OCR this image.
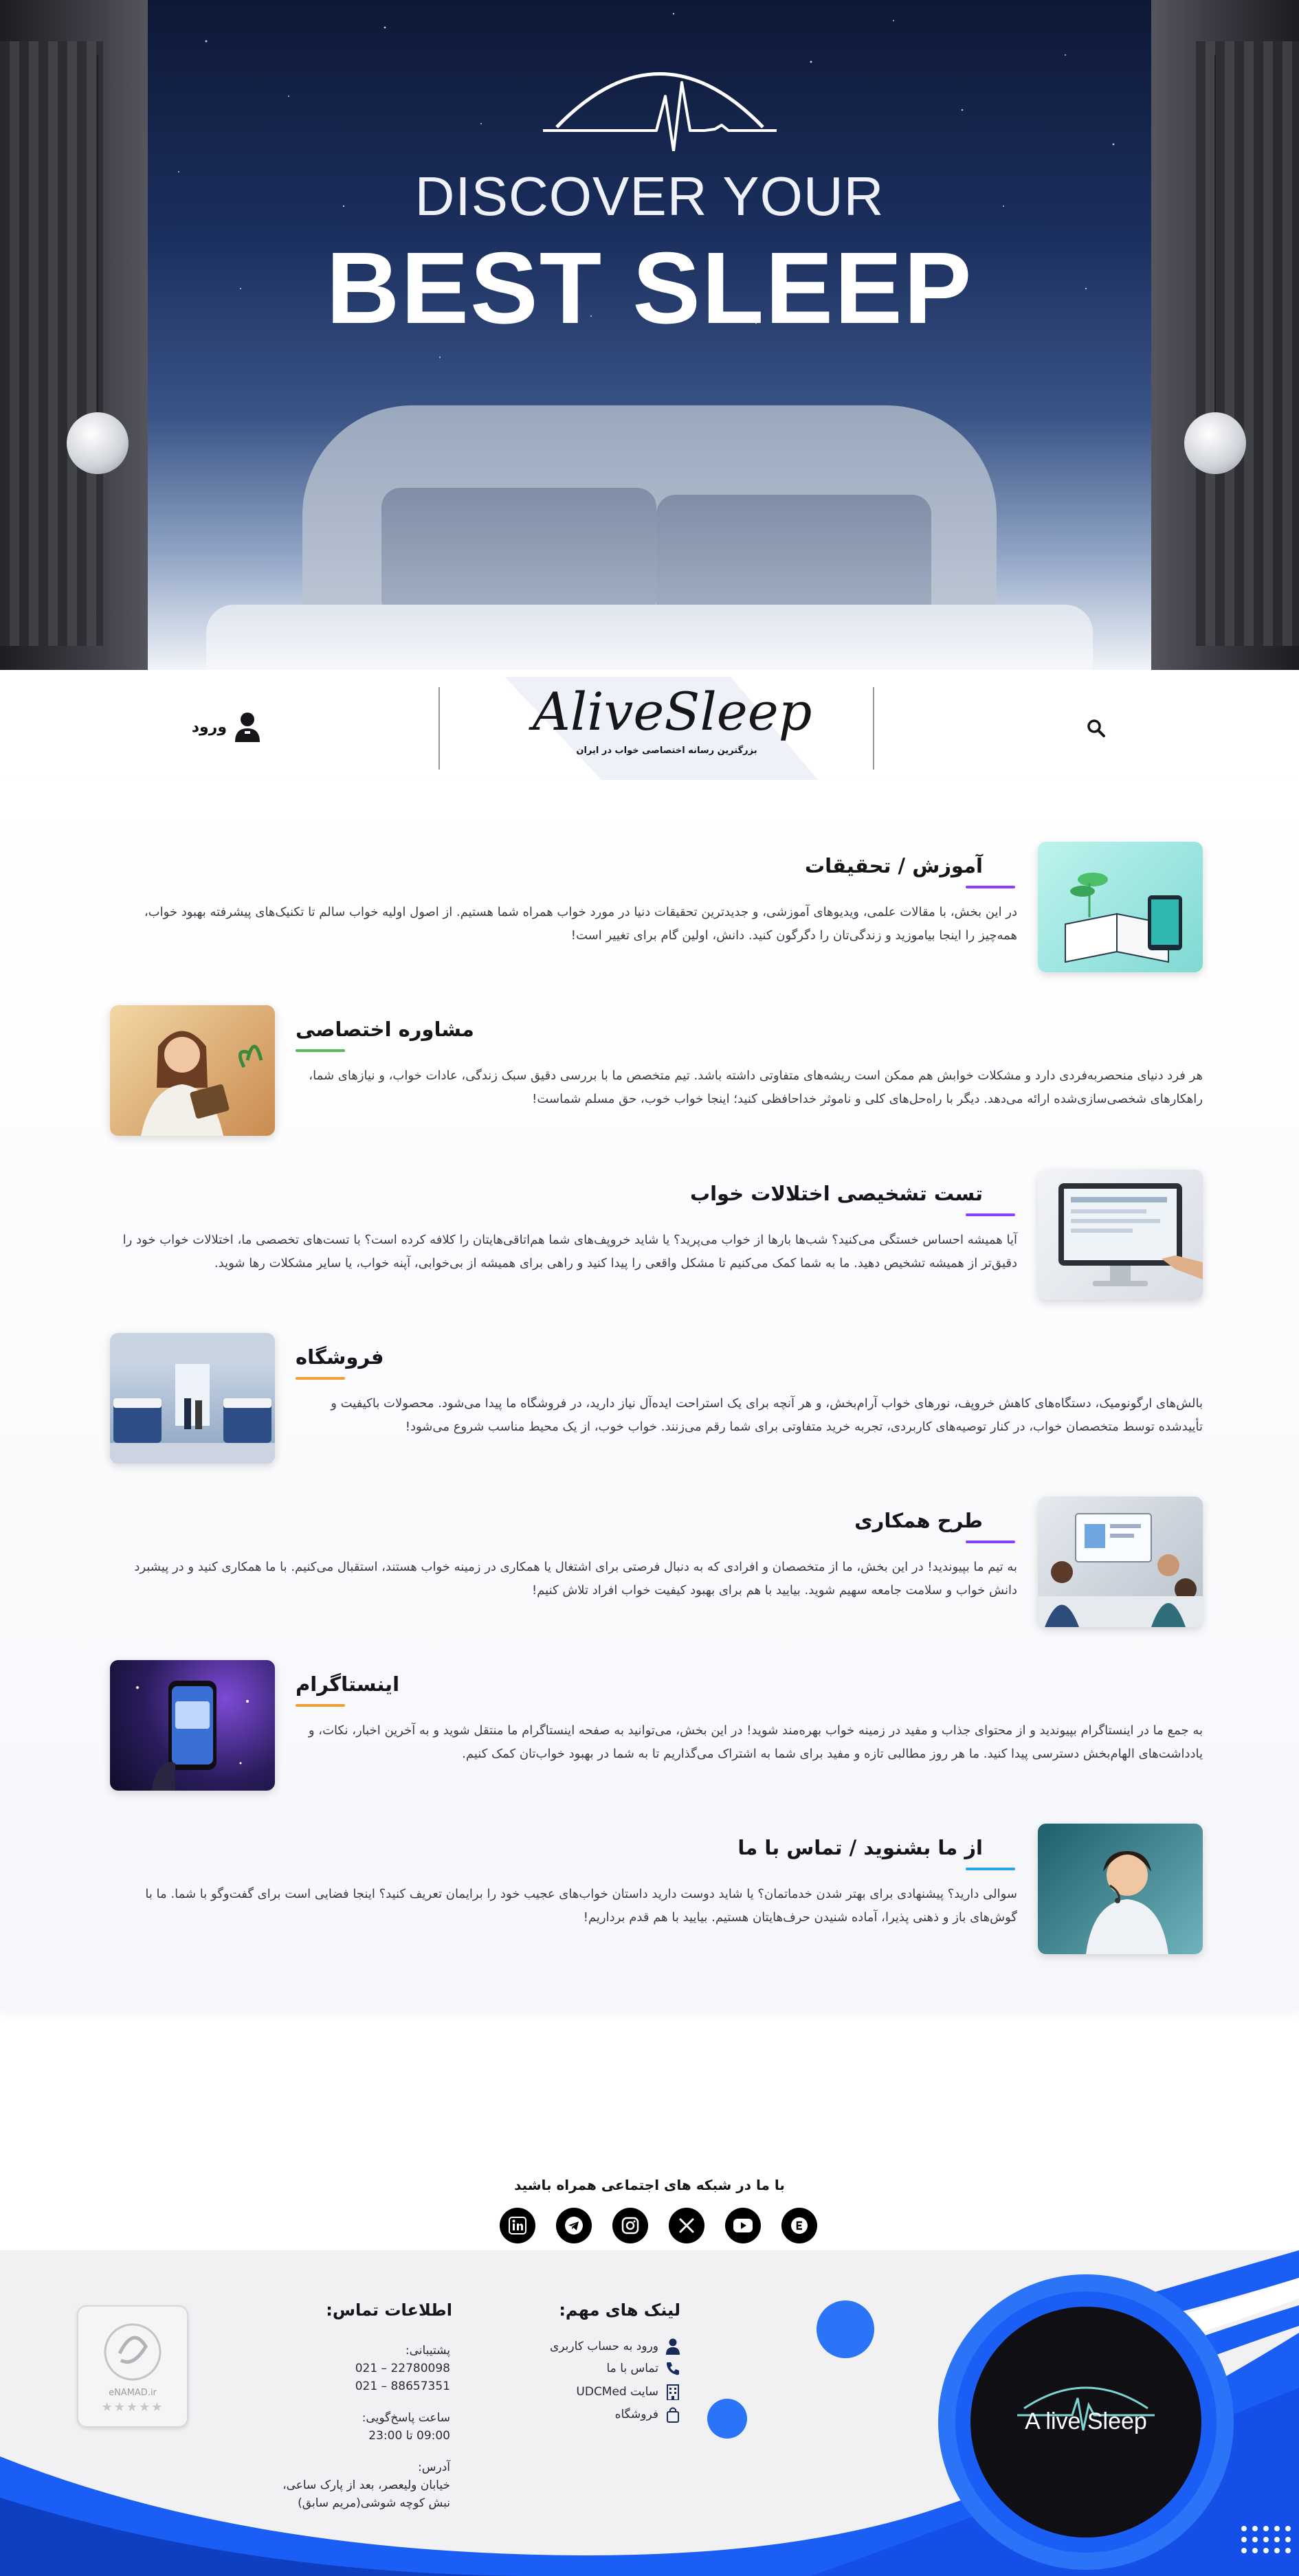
DISCOVER YOUR
BEST SLEEP
AliveSleep
بزرگترین رسانه اختصاصی خواب در ایران
ورود
آموزش / تحقیقات
در این بخش، با مقالات علمی، ویدیوهای آموزشی، و جدیدترین تحقیقات دنیا در مورد خواب همراه شما هستیم. از اصول اولیه خواب سالم تا تکنیک‌های پیشرفته بهبود خواب، همه‌چیز را اینجا بیاموزید و زندگی‌تان را دگرگون کنید. دانش، اولین گام برای تغییر است!
مشاوره اختصاصی
هر فرد دنیای منحصربه‌فردی دارد و مشکلات خوابش هم ممکن است ریشه‌های متفاوتی داشته باشد. تیم متخصص ما با بررسی دقیق سبک زندگی، عادات خواب، و نیازهای شما، راهکارهای شخصی‌سازی‌شده ارائه می‌دهد. دیگر با راه‌حل‌های کلی و ناموثر خداحافظی کنید؛ اینجا خواب خوب، حق مسلم شماست!
تست تشخیصی اختلالات خواب
آیا همیشه احساس خستگی می‌کنید؟ شب‌ها بارها از خواب می‌پرید؟ یا شاید خروپف‌های شما هم‌اتاقی‌هایتان را کلافه کرده است؟ با تست‌های تخصصی ما، اختلالات خواب خود را دقیق‌تر از همیشه تشخیص دهید. ما به شما کمک می‌کنیم تا مشکل واقعی را پیدا کنید و راهی برای همیشه از بی‌خوابی، آپنه خواب، یا سایر مشکلات رها شوید.
فروشگاه
بالش‌های ارگونومیک، دستگاه‌های کاهش خروپف، نورهای خواب آرام‌بخش، و هر آنچه برای یک استراحت ایده‌آل نیاز دارید، در فروشگاه ما پیدا می‌شود. محصولات باکیفیت و تأییدشده توسط متخصصان خواب، در کنار توصیه‌های کاربردی، تجربه خرید متفاوتی برای شما رقم می‌زنند. خواب خوب، از یک محیط مناسب شروع می‌شود!
طرح همکاری
به تیم ما بپیوندید! در این بخش، ما از متخصصان و افرادی که به دنبال فرصتی برای اشتغال یا همکاری در زمینه خواب هستند، استقبال می‌کنیم. با ما همکاری کنید و در پیشبرد دانش خواب و سلامت جامعه سهیم شوید. بیایید با هم برای بهبود کیفیت خواب افراد تلاش کنیم!
اینستاگرام
به جمع ما در اینستاگرام بپیوندید و از محتوای جذاب و مفید در زمینه خواب بهره‌مند شوید! در این بخش، می‌توانید به صفحه اینستاگرام ما منتقل شوید و به آخرین اخبار، نکات، و یادداشت‌های الهام‌بخش دسترسی پیدا کنید. ما هر روز مطالبی تازه و مفید برای شما به اشتراک می‌گذاریم تا به شما در بهبود خواب‌تان کمک کنیم.
از ما بشنوید / تماس با ما
سوالی دارید؟ پیشنهادی برای بهتر شدن خدماتمان؟ یا شاید دوست دارید داستان خواب‌های عجیب خود را برایمان تعریف کنید؟ اینجا فضایی است برای گفت‌وگو با شما. ما با گوش‌های باز و ذهنی پذیرا، آماده شنیدن حرف‌هایتان هستیم. بیایید با هم قدم برداریم!
با ما در شبکه های اجتماعی همراه باشید
A live Sleep
eNAMAD.ir
★★★★★
اطلاعات تماس:
پشتیبانی:
021 – 22780098
021 – 88657351
ساعت پاسخ‌گویی:
09:00 تا 23:00
آدرس:
خیابان ولیعصر، بعد از پارک ساعی،
نبش کوچه شوشی(مریم سابق)
لینک های مهم:
ورود به حساب کاربری
تماس با ما
سایت UDCMed
فروشگاه
